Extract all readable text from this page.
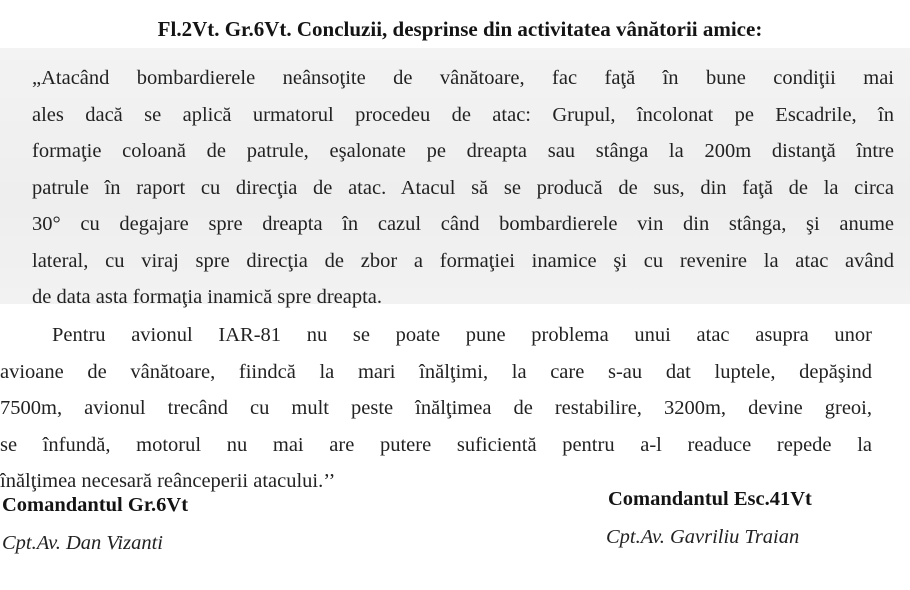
Fl.2Vt. Gr.6Vt. Concluzii, desprinse din activitatea vânătorii amice:

„Atacând bombardierele neânsoţite de vânătoare, fac faţă în bune condiţii mai
ales dacă se aplică urmatorul procedeu de atac: Grupul, încolonat pe Escadrile, în
formaţie coloană de patrule, eşalonate pe dreapta sau stânga la 200m distanţă între
patrule în raport cu direcţia de atac. Atacul să se producă de sus, din faţă de la circa
30° cu degajare spre dreapta în cazul când bombardierele vin din stânga, şi anume
lateral, cu viraj spre direcţia de zbor a formaţiei inamice şi cu revenire la atac având
de data asta formaţia inamică spre dreapta.

Pentru avionul IAR-81 nu se poate pune problema unui atac asupra unor
avioane de vânătoare, fiindcă la mari înălţimi, la care s-au dat luptele, depăşind
7500m, avionul trecând cu mult peste înălţimea de restabilire, 3200m, devine greoi,
se înfundă, motorul nu mai are putere suficientă pentru a-l readuce repede la
înălţimea necesară reânceperii atacului.’’

Comandantul Gr.6Vt
Cpt.Av. Dan Vizanti
Comandantul Esc.41Vt
Cpt.Av. Gavriliu Traian
